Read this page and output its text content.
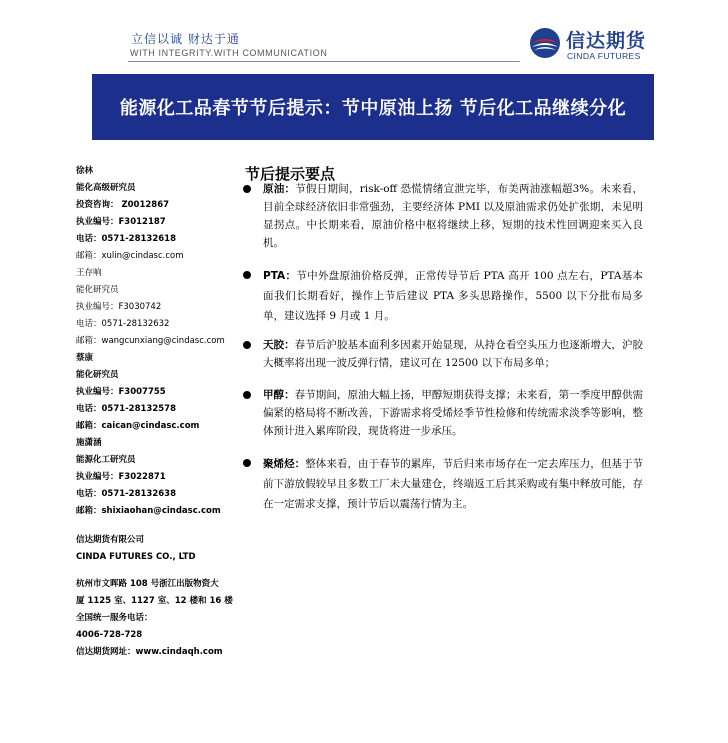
立信以诚 财达于通
WITH INTEGRITY.WITH COMMUNICATION
信达期货
CINDA FUTURES
能源化工品春节节后提示：节中原油上扬 节后化工品继续分化
徐林
能化高级研究员
投资咨询： Z0012867
执业编号：F3012187
电话：0571-28132618
邮箱：xulin@cindasc.com
王存响
能化研究员
执业编号：F3030742
电话：0571-28132632
邮箱：wangcunxiang@cindasc.com
蔡康
能化研究员
执业编号：F3007755
电话：0571-28132578
邮箱：caican@cindasc.com
施潇涵
能源化工研究员
执业编号：F3022871
电话：0571-28132638
邮箱：shixiaohan@cindasc.com
信达期货有限公司
CINDA FUTURES CO., LTD
杭州市文晖路 108 号浙江出版物资大
厦 1125 室、1127 室、12 楼和 16 楼
全国统一服务电话：
4006-728-728
信达期货网址：www.cindaqh.com
节后提示要点
原油：节假日期间，risk-off 恐慌情绪宣泄完毕，布美两油涨幅超3%。未来看，目前全球经济依旧非常强劲，主要经济体 PMI 以及原油需求仍处扩张期，未见明显拐点。中长期来看，原油价格中枢将继续上移，短期的技术性回调迎来买入良机。
PTA：节中外盘原油价格反弹，正常传导节后 PTA 高开 100 点左右，PTA基本面我们长期看好，操作上节后建议 PTA 多头思路操作，5500 以下分批布局多单，建议选择 9 月或 1 月。
天胶：春节后沪胶基本面利多因素开始显现，从持仓看空头压力也逐渐增大，沪胶大概率将出现一波反弹行情，建议可在 12500 以下布局多单；
甲醇：春节期间，原油大幅上扬，甲醇短期获得支撑；未来看，第一季度甲醇供需偏紧的格局将不断改善，下游需求将受烯烃季节性检修和传统需求淡季等影响，整体预计进入累库阶段，现货将进一步承压。
聚烯烃：整体来看，由于春节的累库，节后归来市场存在一定去库压力，但基于节前下游放假较早且多数工厂未大量建仓，终端返工后其采购或有集中释放可能，存在一定需求支撑，预计节后以震荡行情为主。
